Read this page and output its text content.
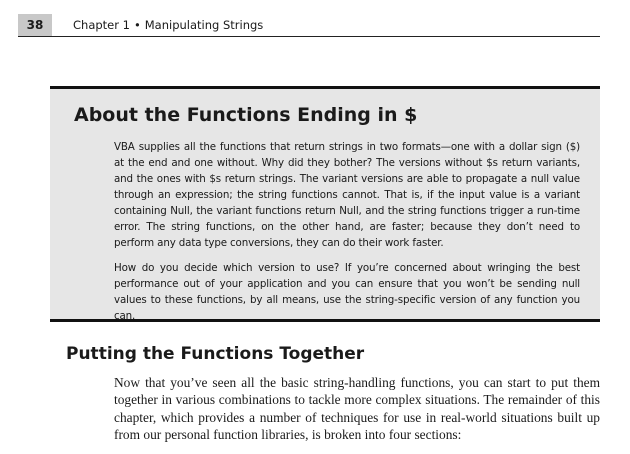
38	Chapter 1 • Manipulating Strings
About the Functions Ending in $

VBA supplies all the functions that return strings in two formats—one with a dollar sign ($) at the end and one without. Why did they bother? The versions without $s return variants, and the ones with $s return strings. The variant versions are able to propagate a null value through an expression; the string functions cannot. That is, if the input value is a variant containing Null, the variant functions return Null, and the string functions trigger a run-time error. The string functions, on the other hand, are faster; because they don’t need to perform any data type conversions, they can do their work faster.

How do you decide which version to use? If you’re concerned about wringing the best performance out of your application and you can ensure that you won’t be sending null values to these functions, by all means, use the string-specific version of any function you can.

Putting the Functions Together

Now that you’ve seen all the basic string-handling functions, you can start to put them together in various combinations to tackle more complex situations. The remainder of this chapter, which provides a number of techniques for use in real-world situations built up from our personal function libraries, is broken into four sections:
